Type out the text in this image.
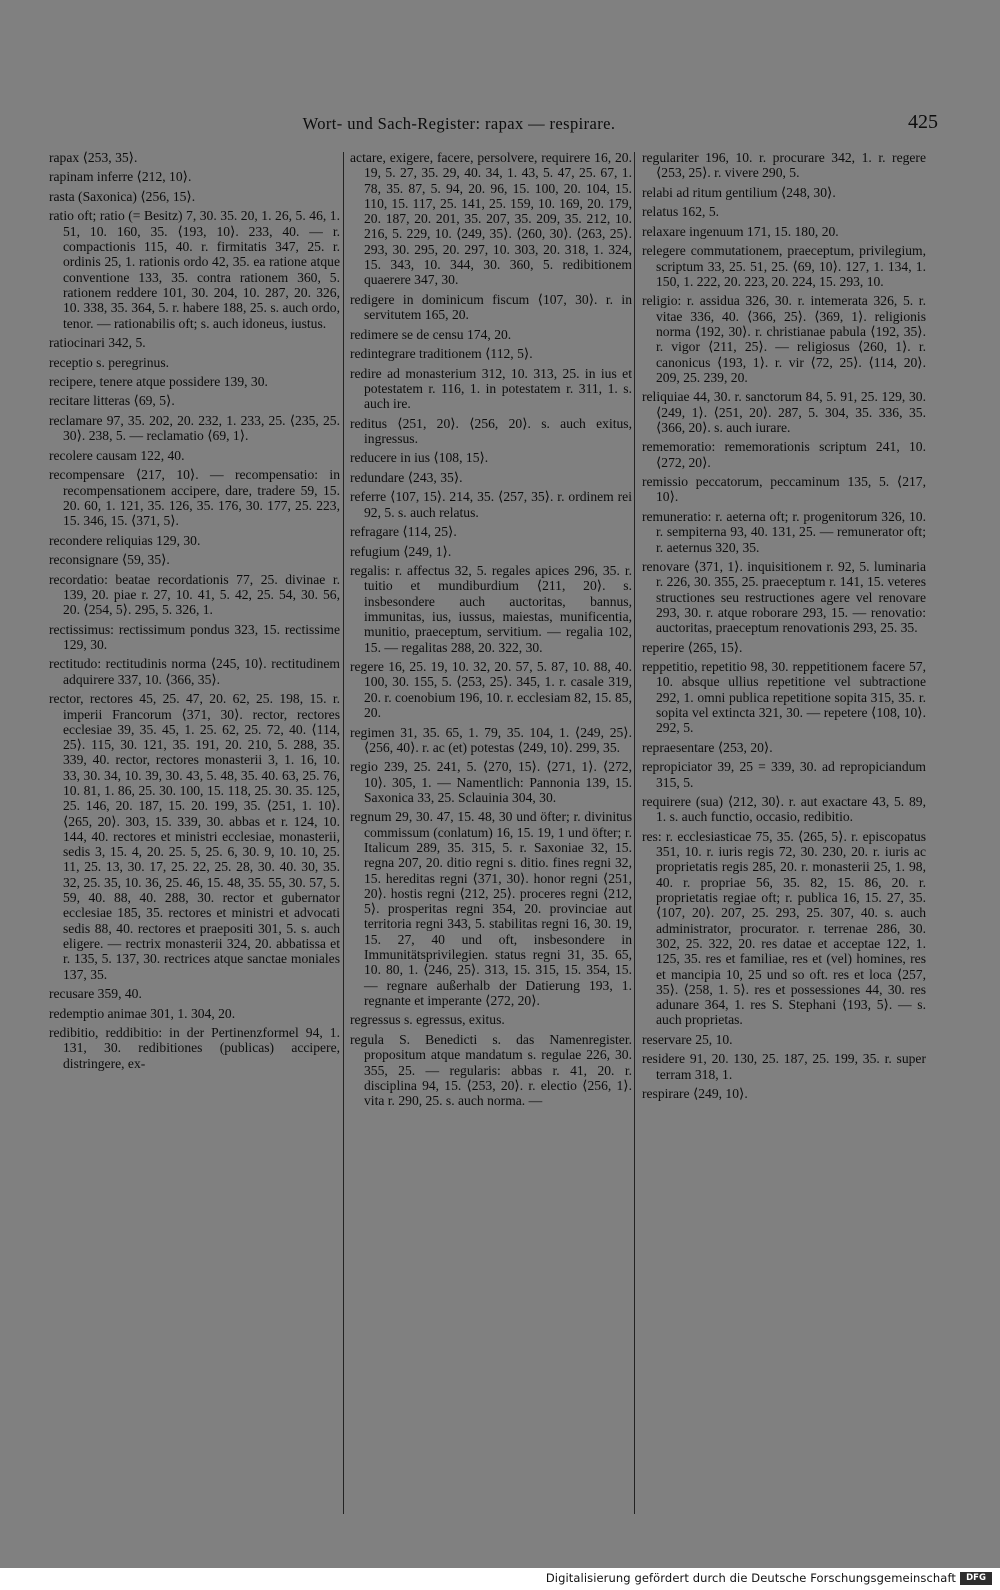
Wort- und Sach-Register: rapax — respirare.	425
rapax ⟨253, 35⟩.
rapinam inferre ⟨212, 10⟩.
rasta (Saxonica) ⟨256, 15⟩.
ratio oft; ratio (= Besitz) 7, 30. 35. 20, 1. 26, 5. 46, 1. 51, 10. 160, 35. ⟨193, 10⟩. 233, 40. — r. compactionis 115, 40. r. firmitatis 347, 25. r. ordinis 25, 1. rationis ordo 42, 35. ea ratione atque conventione 133, 35. contra rationem 360, 5. rationem reddere 101, 30. 204, 10. 287, 20. 326, 10. 338, 35. 364, 5. r. habere 188, 25. s. auch ordo, tenor. — rationabilis oft; s. auch idoneus, iustus.
ratiocinari 342, 5.
receptio s. peregrinus.
recipere, tenere atque possidere 139, 30.
recitare litteras ⟨69, 5⟩.
reclamare 97, 35. 202, 20. 232, 1. 233, 25. ⟨235, 25. 30⟩. 238, 5. — reclamatio ⟨69, 1⟩.
recolere causam 122, 40.
recompensare ⟨217, 10⟩. — recompensatio: in recompensationem accipere, dare, tradere 59, 15. 20. 60, 1. 121, 35. 126, 35. 176, 30. 177, 25. 223, 15. 346, 15. ⟨371, 5⟩.
recondere reliquias 129, 30.
reconsignare ⟨59, 35⟩.
recordatio: beatae recordationis 77, 25. divinae r. 139, 20. piae r. 27, 10. 41, 5. 42, 25. 54, 30. 56, 20. ⟨254, 5⟩. 295, 5. 326, 1.
rectissimus: rectissimum pondus 323, 15. rectissime 129, 30.
rectitudo: rectitudinis norma ⟨245, 10⟩. rectitudinem adquirere 337, 10. ⟨366, 35⟩.
rector, rectores 45, 25. 47, 20. 62, 25. 198, 15. r. imperii Francorum ⟨371, 30⟩. rector, rectores ecclesiae 39, 35. 45, 1. 25. 62, 25. 72, 40. ⟨114, 25⟩. 115, 30. 121, 35. 191, 20. 210, 5. 288, 35. 339, 40. rector, rectores monasterii 3, 1. 16, 10. 33, 30. 34, 10. 39, 30. 43, 5. 48, 35. 40. 63, 25. 76, 10. 81, 1. 86, 25. 30. 100, 15. 118, 25. 30. 35. 125, 25. 146, 20. 187, 15. 20. 199, 35. ⟨251, 1. 10⟩. ⟨265, 20⟩. 303, 15. 339, 30. abbas et r. 124, 10. 144, 40. rectores et ministri ecclesiae, monasterii, sedis 3, 15. 4, 20. 25. 5, 25. 6, 30. 9, 10. 10, 25. 11, 25. 13, 30. 17, 25. 22, 25. 28, 30. 40. 30, 35. 32, 25. 35, 10. 36, 25. 46, 15. 48, 35. 55, 30. 57, 5. 59, 40. 88, 40. 288, 30. rector et gubernator ecclesiae 185, 35. rectores et ministri et advocati sedis 88, 40. rectores et praepositi 301, 5. s. auch eligere. — rectrix monasterii 324, 20. abbatissa et r. 135, 5. 137, 30. rectrices atque sanctae moniales 137, 35.
recusare 359, 40.
redemptio animae 301, 1. 304, 20.
redibitio, reddibitio: in der Pertinenzformel 94, 1. 131, 30. redibitiones (publicas) accipere, distringere, ex-
actare, exigere, facere, persolvere, requirere 16, 20. 19, 5. 27, 35. 29, 40. 34, 1. 43, 5. 47, 25. 67, 1. 78, 35. 87, 5. 94, 20. 96, 15. 100, 20. 104, 15. 110, 15. 117, 25. 141, 25. 159, 10. 169, 20. 179, 20. 187, 20. 201, 35. 207, 35. 209, 35. 212, 10. 216, 5. 229, 10. ⟨249, 35⟩. ⟨260, 30⟩. ⟨263, 25⟩. 293, 30. 295, 20. 297, 10. 303, 20. 318, 1. 324, 15. 343, 10. 344, 30. 360, 5. redibitionem quaerere 347, 30.
redigere in dominicum fiscum ⟨107, 30⟩. r. in servitutem 165, 20.
redimere se de censu 174, 20.
redintegrare traditionem ⟨112, 5⟩.
redire ad monasterium 312, 10. 313, 25. in ius et potestatem r. 116, 1. in potestatem r. 311, 1. s. auch ire.
reditus ⟨251, 20⟩. ⟨256, 20⟩. s. auch exitus, ingressus.
reducere in ius ⟨108, 15⟩.
redundare ⟨243, 35⟩.
referre ⟨107, 15⟩. 214, 35. ⟨257, 35⟩. r. ordinem rei 92, 5. s. auch relatus.
refragare ⟨114, 25⟩.
refugium ⟨249, 1⟩.
regalis: r. affectus 32, 5. regales apices 296, 35. r. tuitio et mundiburdium ⟨211, 20⟩. s. insbesondere auch auctoritas, bannus, immunitas, ius, iussus, maiestas, munificentia, munitio, praeceptum, servitium. — regalia 102, 15. — regalitas 288, 20. 322, 30.
regere 16, 25. 19, 10. 32, 20. 57, 5. 87, 10. 88, 40. 100, 30. 155, 5. ⟨253, 25⟩. 345, 1. r. casale 319, 20. r. coenobium 196, 10. r. ecclesiam 82, 15. 85, 20.
regimen 31, 35. 65, 1. 79, 35. 104, 1. ⟨249, 25⟩. ⟨256, 40⟩. r. ac (et) potestas ⟨249, 10⟩. 299, 35.
regio 239, 25. 241, 5. ⟨270, 15⟩. ⟨271, 1⟩. ⟨272, 10⟩. 305, 1. — Namentlich: Pannonia 139, 15. Saxonica 33, 25. Sclauinia 304, 30.
regnum 29, 30. 47, 15. 48, 30 und öfter; r. divinitus commissum (conlatum) 16, 15. 19, 1 und öfter; r. Italicum 289, 35. 315, 5. r. Saxoniae 32, 15. regna 207, 20. ditio regni s. ditio. fines regni 32, 15. hereditas regni ⟨371, 30⟩. honor regni ⟨251, 20⟩. hostis regni ⟨212, 25⟩. proceres regni ⟨212, 5⟩. prosperitas regni 354, 20. provinciae aut territoria regni 343, 5. stabilitas regni 16, 30. 19, 15. 27, 40 und oft, insbesondere in Immunitätsprivilegien. status regni 31, 35. 65, 10. 80, 1. ⟨246, 25⟩. 313, 15. 315, 15. 354, 15. — regnare außerhalb der Datierung 193, 1. regnante et imperante ⟨272, 20⟩.
regressus s. egressus, exitus.
regula S. Benedicti s. das Namenregister. propositum atque mandatum s. regulae 226, 30. 355, 25. — regularis: abbas r. 41, 20. r. disciplina 94, 15. ⟨253, 20⟩. r. electio ⟨256, 1⟩. vita r. 290, 25. s. auch norma. —
regulariter 196, 10. r. procurare 342, 1. r. regere ⟨253, 25⟩. r. vivere 290, 5.
relabi ad ritum gentilium ⟨248, 30⟩.
relatus 162, 5.
relaxare ingenuum 171, 15. 180, 20.
relegere commutationem, praeceptum, privilegium, scriptum 33, 25. 51, 25. ⟨69, 10⟩. 127, 1. 134, 1. 150, 1. 222, 20. 223, 20. 224, 15. 293, 10.
religio: r. assidua 326, 30. r. intemerata 326, 5. r. vitae 336, 40. ⟨366, 25⟩. ⟨369, 1⟩. religionis norma ⟨192, 30⟩. r. christianae pabula ⟨192, 35⟩. r. vigor ⟨211, 25⟩. — religiosus ⟨260, 1⟩. r. canonicus ⟨193, 1⟩. r. vir ⟨72, 25⟩. ⟨114, 20⟩. 209, 25. 239, 20.
reliquiae 44, 30. r. sanctorum 84, 5. 91, 25. 129, 30. ⟨249, 1⟩. ⟨251, 20⟩. 287, 5. 304, 35. 336, 35. ⟨366, 20⟩. s. auch iurare.
rememoratio: rememorationis scriptum 241, 10. ⟨272, 20⟩.
remissio peccatorum, peccaminum 135, 5. ⟨217, 10⟩.
remuneratio: r. aeterna oft; r. progenitorum 326, 10. r. sempiterna 93, 40. 131, 25. — remunerator oft; r. aeternus 320, 35.
renovare ⟨371, 1⟩. inquisitionem r. 92, 5. luminaria r. 226, 30. 355, 25. praeceptum r. 141, 15. veteres structiones seu restructiones agere vel renovare 293, 30. r. atque roborare 293, 15. — renovatio: auctoritas, praeceptum renovationis 293, 25. 35.
reperire ⟨265, 15⟩.
reppetitio, repetitio 98, 30. reppetitionem facere 57, 10. absque ullius repetitione vel subtractione 292, 1. omni publica repetitione sopita 315, 35. r. sopita vel extincta 321, 30. — repetere ⟨108, 10⟩. 292, 5.
repraesentare ⟨253, 20⟩.
repropiciator 39, 25 = 339, 30. ad repropiciandum 315, 5.
requirere (sua) ⟨212, 30⟩. r. aut exactare 43, 5. 89, 1. s. auch functio, occasio, redibitio.
res: r. ecclesiasticae 75, 35. ⟨265, 5⟩. r. episcopatus 351, 10. r. iuris regis 72, 30. 230, 20. r. iuris ac proprietatis regis 285, 20. r. monasterii 25, 1. 98, 40. r. propriae 56, 35. 82, 15. 86, 20. r. proprietatis regiae oft; r. publica 16, 15. 27, 35. ⟨107, 20⟩. 207, 25. 293, 25. 307, 40. s. auch administrator, procurator. r. terrenae 286, 30. 302, 25. 322, 20. res datae et acceptae 122, 1. 125, 35. res et familiae, res et (vel) homines, res et mancipia 10, 25 und so oft. res et loca ⟨257, 35⟩. ⟨258, 1. 5⟩. res et possessiones 44, 30. res adunare 364, 1. res S. Stephani ⟨193, 5⟩. — s. auch proprietas.
reservare 25, 10.
residere 91, 20. 130, 25. 187, 25. 199, 35. r. super terram 318, 1.
respirare ⟨249, 10⟩.
Digitalisierung gefördert durch die Deutsche Forschungsgemeinschaft	DFG
